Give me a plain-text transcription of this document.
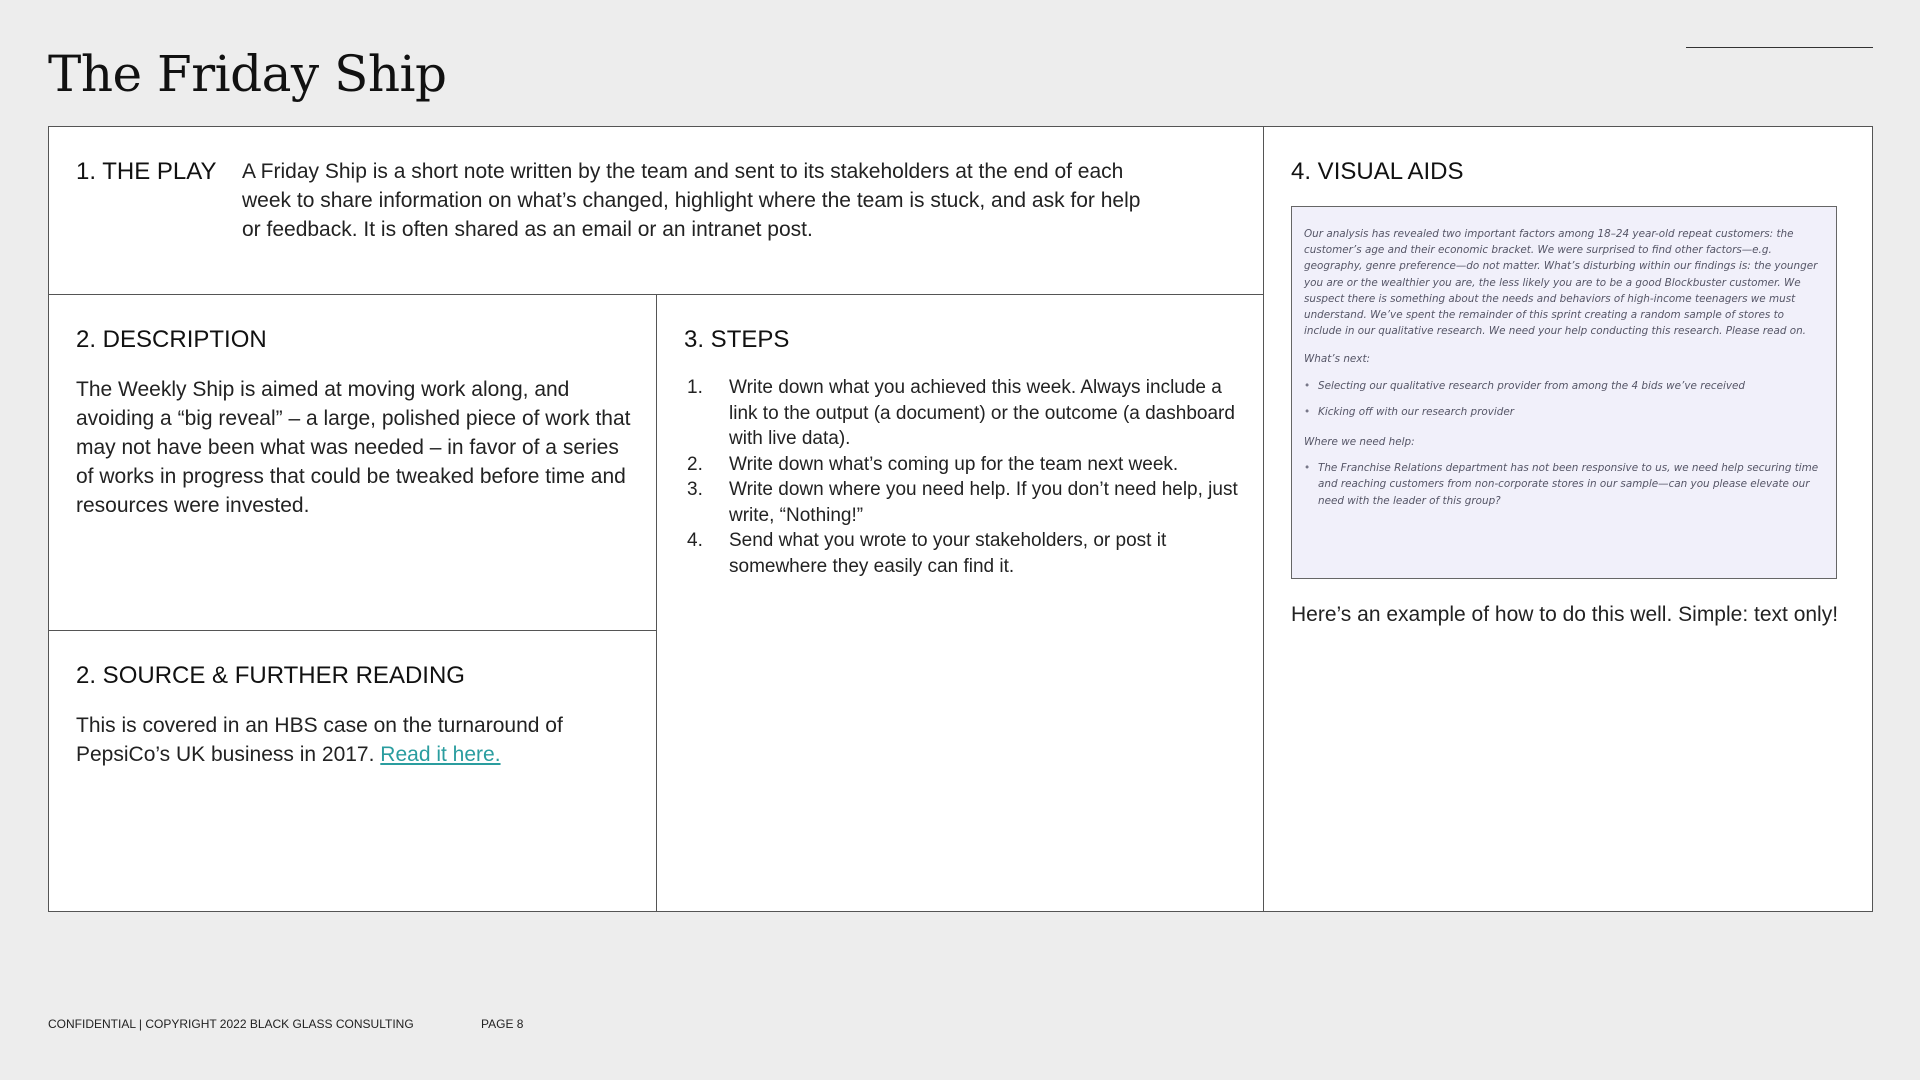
The Friday Ship
1. THE PLAY A Friday Ship is a short note written by the team and sent to its stakeholders at the end of each week to share information on what’s changed, highlight where the team is stuck, and ask for help or feedback. It is often shared as an email or an intranet post.

2. DESCRIPTION

The Weekly Ship is aimed at moving work along, and avoiding a “big reveal” – a large, polished piece of work that may not have been what was needed – in favor of a series of works in progress that could be tweaked before time and resources were invested.

2. SOURCE & FURTHER READING

This is covered in an HBS case on the turnaround of PepsiCo’s UK business in 2017. Read it here.

3. STEPS
1.	Write down what you achieved this week. Always include a link to the output (a document) or the outcome (a dashboard with live data).
2.	Write down what’s coming up for the team next week.
3.	Write down where you need help. If you don’t need help, just write, “Nothing!”
4.	Send what you wrote to your stakeholders, or post it somewhere they easily can find it.
4. VISUAL AIDS

Our analysis has revealed two important factors among 18–24 year-old repeat customers: the customer’s age and their economic bracket. We were surprised to find other factors—e.g. geography, genre preference—do not matter. What’s disturbing within our findings is: the younger you are or the wealthier you are, the less likely you are to be a good Blockbuster customer. We suspect there is something about the needs and behaviors of high-income teenagers we must understand. We’ve spent the remainder of this sprint creating a random sample of stores to include in our qualitative research. We need your help conducting this research. Please read on.

What’s next:

• Selecting our qualitative research provider from among the 4 bids we’ve received
• Kicking off with our research provider

Where we need help:

• The Franchise Relations department has not been responsive to us, we need help securing time and reaching customers from non-corporate stores in our sample—can you please elevate our need with the leader of this group?

Here’s an example of how to do this well. Simple: text only!

CONFIDENTIAL | COPYRIGHT 2022 BLACK GLASS CONSULTING	PAGE 8
